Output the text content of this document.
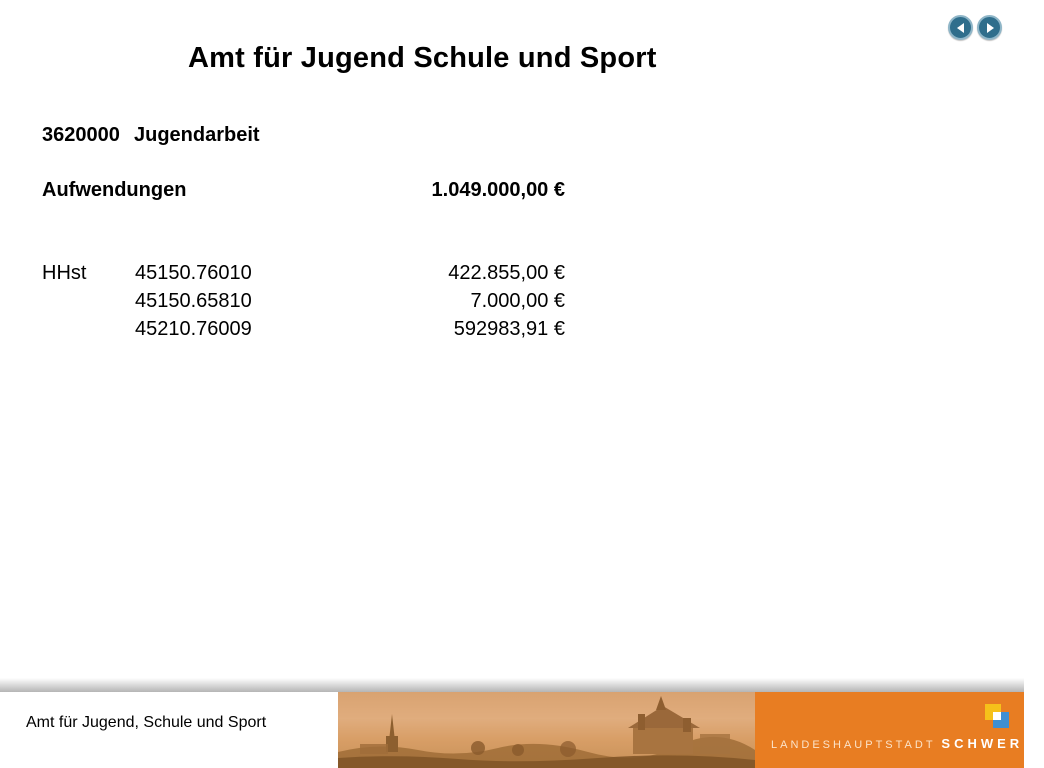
Amt für Jugend Schule und Sport
3620000 Jugendarbeit
Aufwendungen	1.049.000,00 €
HHst 45150.76010	422.855,00 €
45150.65810	7.000,00 €
45210.76009	592983,91 €
Amt für Jugend, Schule und Sport
LANDESHAUPTSTADT SCHWERIN
